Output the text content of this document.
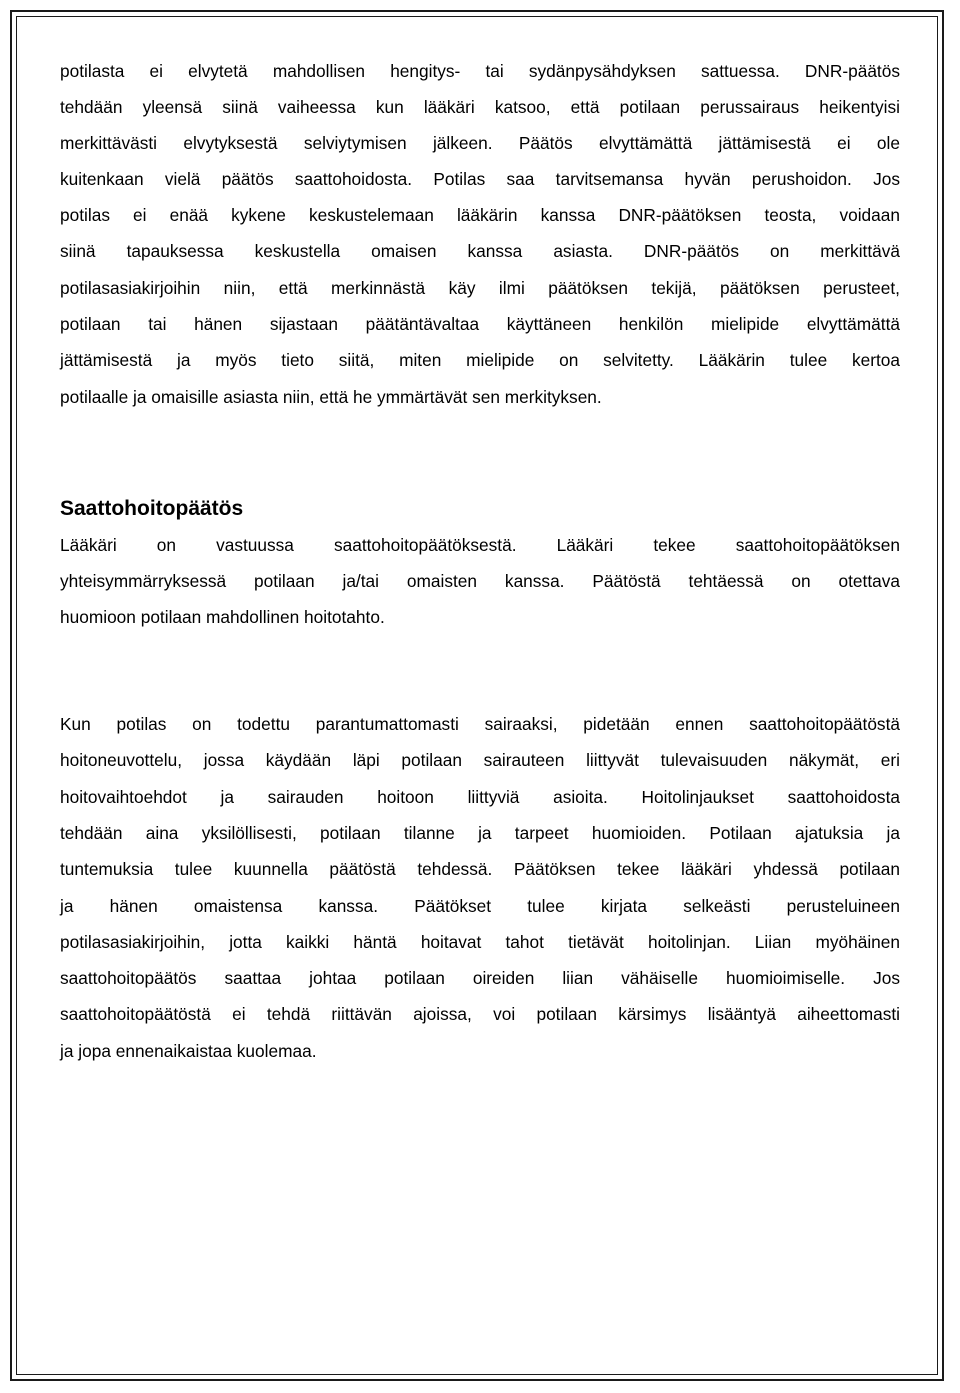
potilasta ei elvytetä mahdollisen hengitys- tai sydänpysähdyksen sattuessa. DNR-päätös
tehdään yleensä siinä vaiheessa kun lääkäri katsoo, että potilaan perussairaus heikentyisi
merkittävästi elvytyksestä selviytymisen jälkeen. Päätös elvyttämättä jättämisestä ei ole
kuitenkaan vielä päätös saattohoidosta. Potilas saa tarvitsemansa hyvän perushoidon. Jos
potilas ei enää kykene keskustelemaan lääkärin kanssa DNR-päätöksen teosta, voidaan
siinä tapauksessa keskustella omaisen kanssa asiasta. DNR-päätös on merkittävä
potilasasiakirjoihin niin, että merkinnästä käy ilmi päätöksen tekijä, päätöksen perusteet,
potilaan tai hänen sijastaan päätäntävaltaa käyttäneen henkilön mielipide elvyttämättä
jättämisestä ja myös tieto siitä, miten mielipide on selvitetty. Lääkärin tulee kertoa
potilaalle ja omaisille asiasta niin, että he ymmärtävät sen merkityksen.
Saattohoitopäätös
Lääkäri on vastuussa saattohoitopäätöksestä. Lääkäri tekee saattohoitopäätöksen
yhteisymmärryksessä potilaan ja/tai omaisten kanssa. Päätöstä tehtäessä on otettava
huomioon potilaan mahdollinen hoitotahto.
Kun potilas on todettu parantumattomasti sairaaksi, pidetään ennen saattohoitopäätöstä
hoitoneuvottelu, jossa käydään läpi potilaan sairauteen liittyvät tulevaisuuden näkymät, eri
hoitovaihtoehdot ja sairauden hoitoon liittyviä asioita. Hoitolinjaukset saattohoidosta
tehdään aina yksilöllisesti, potilaan tilanne ja tarpeet huomioiden. Potilaan ajatuksia ja
tuntemuksia tulee kuunnella päätöstä tehdessä. Päätöksen tekee lääkäri yhdessä potilaan
ja hänen omaistensa kanssa. Päätökset tulee kirjata selkeästi perusteluineen
potilasasiakirjoihin, jotta kaikki häntä hoitavat tahot tietävät hoitolinjan. Liian myöhäinen
saattohoitopäätös saattaa johtaa potilaan oireiden liian vähäiselle huomioimiselle. Jos
saattohoitopäätöstä ei tehdä riittävän ajoissa, voi potilaan kärsimys lisääntyä aiheettomasti
ja jopa ennenaikaistaa kuolemaa.
